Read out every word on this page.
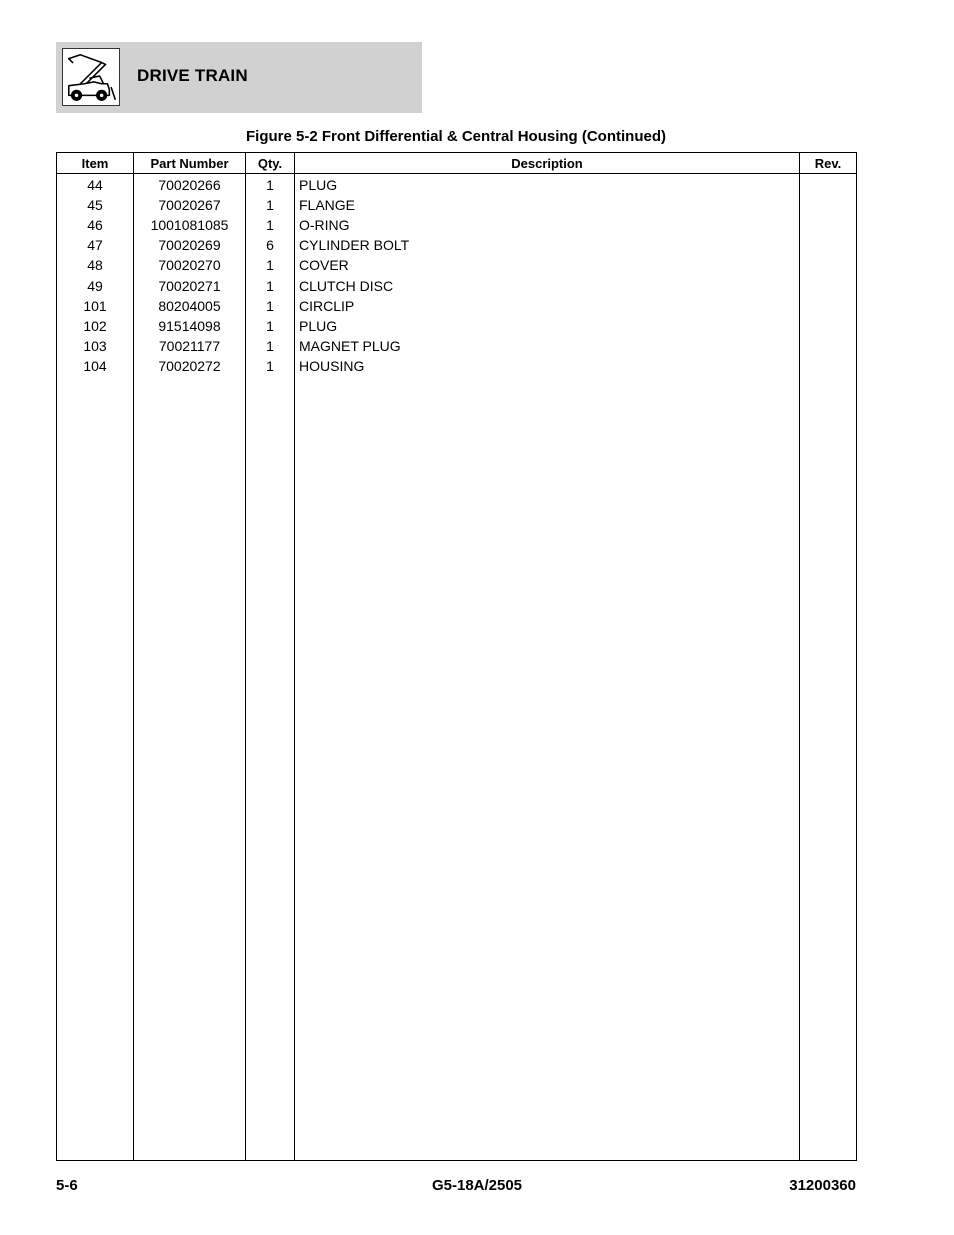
DRIVE TRAIN
Figure 5-2 Front Differential & Central Housing (Continued)
Item	Part Number	Qty.	Description	Rev.
44	70020266	1	PLUG	
45	70020267	1	FLANGE	
46	1001081085	1	O-RING	
47	70020269	6	CYLINDER BOLT	
48	70020270	1	COVER	
49	70020271	1	CLUTCH DISC	
101	80204005	1	CIRCLIP	
102	91514098	1	PLUG	
103	70021177	1	MAGNET PLUG	
104	70020272	1	HOUSING	

5-6	G5-18A/2505	31200360
